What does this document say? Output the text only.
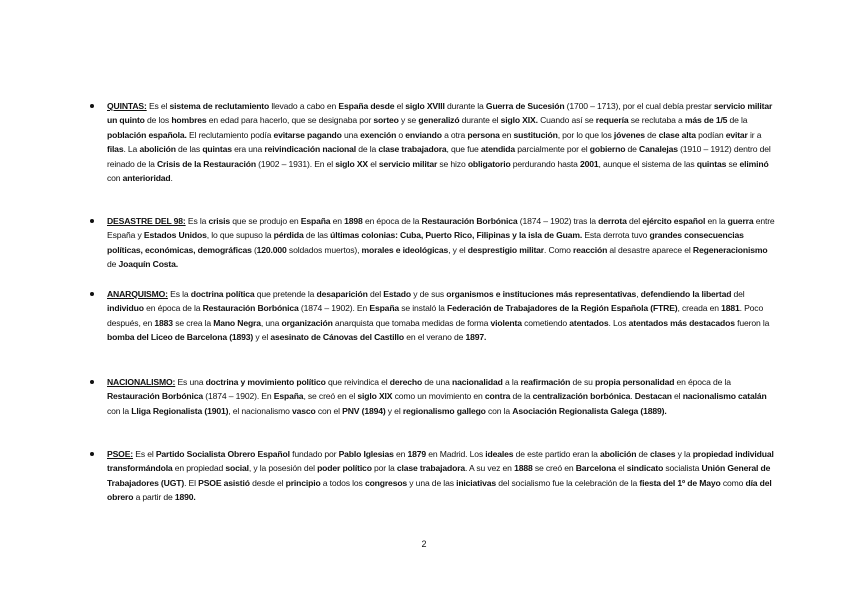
QUINTAS: Es el sistema de reclutamiento llevado a cabo en España desde el siglo XVIII durante la Guerra de Sucesión (1700 – 1713), por el cual debía prestar servicio militar un quinto de los hombres en edad para hacerlo, que se designaba por sorteo y se generalizó durante el siglo XIX. Cuando así se requería se reclutaba a más de 1/5 de la población española. El reclutamiento podía evitarse pagando una exención o enviando a otra persona en sustitución, por lo que los jóvenes de clase alta podían evitar ir a filas. La abolición de las quintas era una reivindicación nacional de la clase trabajadora, que fue atendida parcialmente por el gobierno de Canalejas (1910 – 1912) dentro del reinado de la Crisis de la Restauración (1902 – 1931). En el siglo XX el servicio militar se hizo obligatorio perdurando hasta 2001, aunque el sistema de las quintas se eliminó con anterioridad.
DESASTRE DEL 98: Es la crisis que se produjo en España en 1898 en época de la Restauración Borbónica (1874 – 1902) tras la derrota del ejército español en la guerra entre España y Estados Unidos, lo que supuso la pérdida de las últimas colonias: Cuba, Puerto Rico, Filipinas y la isla de Guam. Esta derrota tuvo grandes consecuencias políticas, económicas, demográficas (120.000 soldados muertos), morales e ideológicas, y el desprestigio militar. Como reacción al desastre aparece el Regeneracionismo de Joaquín Costa.
ANARQUISMO: Es la doctrina política que pretende la desaparición del Estado y de sus organismos e instituciones más representativas, defendiendo la libertad del individuo en época de la Restauración Borbónica (1874 – 1902). En España se instaló la Federación de Trabajadores de la Región Española (FTRE), creada en 1881. Poco después, en 1883 se crea la Mano Negra, una organización anarquista que tomaba medidas de forma violenta cometiendo atentados. Los atentados más destacados fueron la bomba del Liceo de Barcelona (1893) y el asesinato de Cánovas del Castillo en el verano de 1897.
NACIONALISMO: Es una doctrina y movimiento político que reivindica el derecho de una nacionalidad a la reafirmación de su propia personalidad en época de la Restauración Borbónica (1874 – 1902). En España, se creó en el siglo XIX como un movimiento en contra de la centralización borbónica. Destacan el nacionalismo catalán con la Lliga Regionalista (1901), el nacionalismo vasco con el PNV (1894) y el regionalismo gallego con la Asociación Regionalista Galega (1889).
PSOE: Es el Partido Socialista Obrero Español fundado por Pablo Iglesias en 1879 en Madrid. Los ideales de este partido eran la abolición de clases y la propiedad individual transformándola en propiedad social, y la posesión del poder político por la clase trabajadora. A su vez en 1888 se creó en Barcelona el sindicato socialista Unión General de Trabajadores (UGT). El PSOE asistió desde el principio a todos los congresos y una de las iniciativas del socialismo fue la celebración de la fiesta del 1º de Mayo como día del obrero a partir de 1890.
2
